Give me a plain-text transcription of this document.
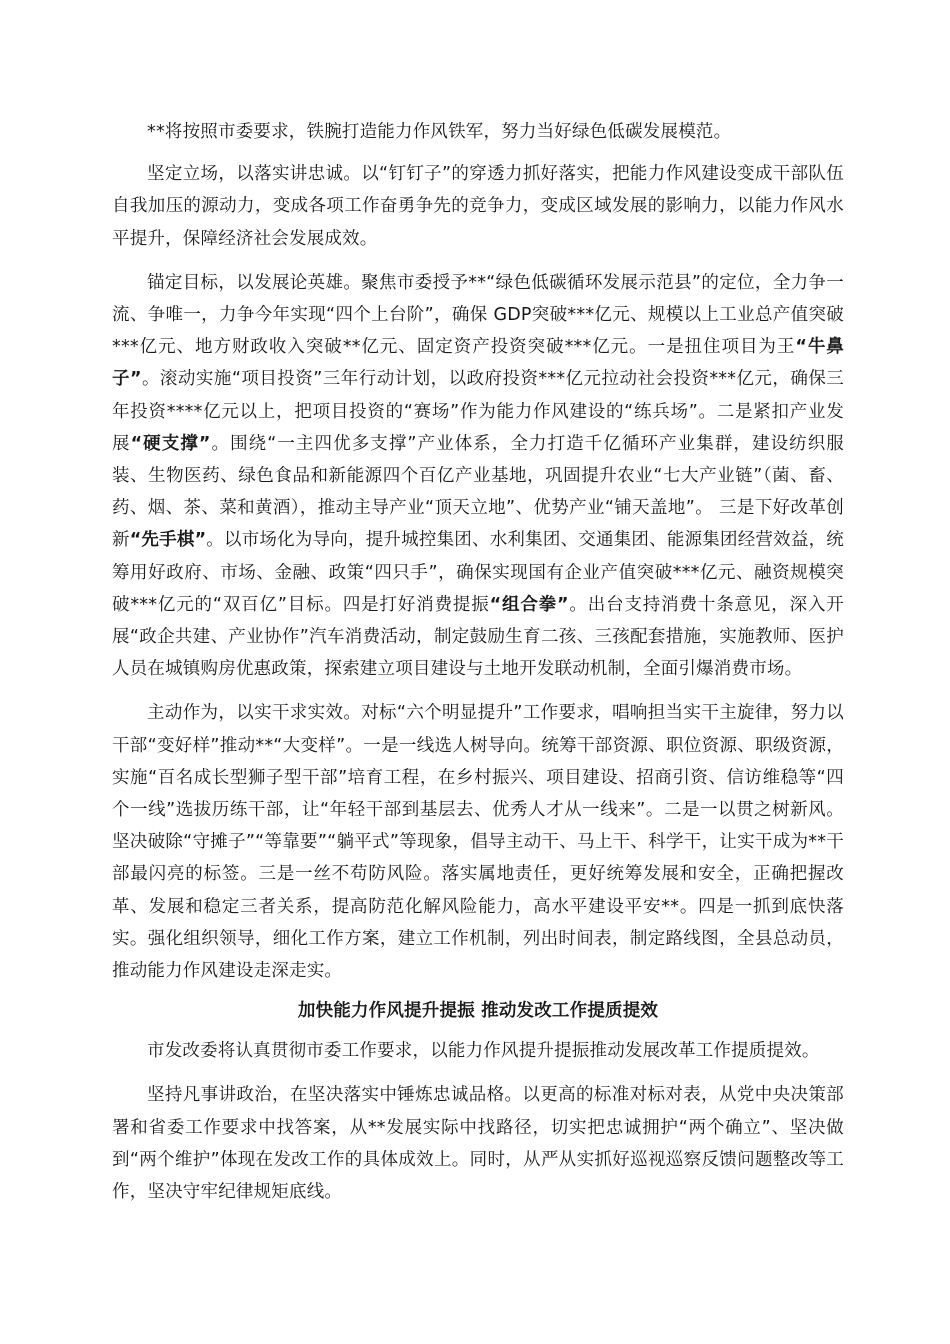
**将按照市委要求，铁腕打造能力作风铁军，努力当好绿色低碳发展模范。

坚定立场，以落实讲忠诚。以“钉钉子”的穿透力抓好落实，把能力作风建设变成干部队伍自我加压的源动力，变成各项工作奋勇争先的竞争力，变成区域发展的影响力，以能力作风水平提升，保障经济社会发展成效。

锚定目标，以发展论英雄。聚焦市委授予**“绿色低碳循环发展示范县”的定位，全力争一流、争唯一，力争今年实现“四个上台阶”，确保 GDP突破***亿元、规模以上工业总产值突破***亿元、地方财政收入突破**亿元、固定资产投资突破***亿元。一是扭住项目为王“牛鼻子”。滚动实施“项目投资”三年行动计划，以政府投资***亿元拉动社会投资***亿元，确保三年投资****亿元以上，把项目投资的“赛场”作为能力作风建设的“练兵场”。二是紧扣产业发展“硬支撑”。围绕“一主四优多支撑”产业体系，全力打造千亿循环产业集群，建设纺织服装、生物医药、绿色食品和新能源四个百亿产业基地，巩固提升农业“七大产业链”（菌、畜、药、烟、茶、菜和黄酒），推动主导产业“顶天立地”、优势产业“铺天盖地”。 三是下好改革创新“先手棋”。以市场化为导向，提升城控集团、水利集团、交通集团、能源集团经营效益，统筹用好政府、市场、金融、政策“四只手”，确保实现国有企业产值突破***亿元、融资规模突破***亿元的“双百亿”目标。四是打好消费提振“组合拳”。出台支持消费十条意见，深入开展“政企共建、产业协作”汽车消费活动，制定鼓励生育二孩、三孩配套措施，实施教师、医护人员在城镇购房优惠政策，探索建立项目建设与土地开发联动机制，全面引爆消费市场。

主动作为，以实干求实效。对标“六个明显提升”工作要求，唱响担当实干主旋律，努力以干部“变好样”推动**“大变样”。一是一线选人树导向。统筹干部资源、职位资源、职级资源，实施“百名成长型狮子型干部”培育工程，在乡村振兴、项目建设、招商引资、信访维稳等“四个一线”选拔历练干部，让“年轻干部到基层去、优秀人才从一线来”。二是一以贯之树新风。坚决破除“守摊子”“等靠要”“躺平式”等现象，倡导主动干、马上干、科学干，让实干成为**干部最闪亮的标签。三是一丝不苟防风险。落实属地责任，更好统筹发展和安全，正确把握改革、发展和稳定三者关系，提高防范化解风险能力，高水平建设平安**。四是一抓到底快落实。强化组织领导，细化工作方案，建立工作机制，列出时间表，制定路线图，全县总动员，推动能力作风建设走深走实。

加快能力作风提升提振 推动发改工作提质提效

市发改委将认真贯彻市委工作要求，以能力作风提升提振推动发展改革工作提质提效。

坚持凡事讲政治，在坚决落实中锤炼忠诚品格。以更高的标准对标对表，从党中央决策部署和省委工作要求中找答案，从**发展实际中找路径，切实把忠诚拥护“两个确立”、坚决做到“两个维护”体现在发改工作的具体成效上。同时，从严从实抓好巡视巡察反馈问题整改等工作，坚决守牢纪律规矩底线。
